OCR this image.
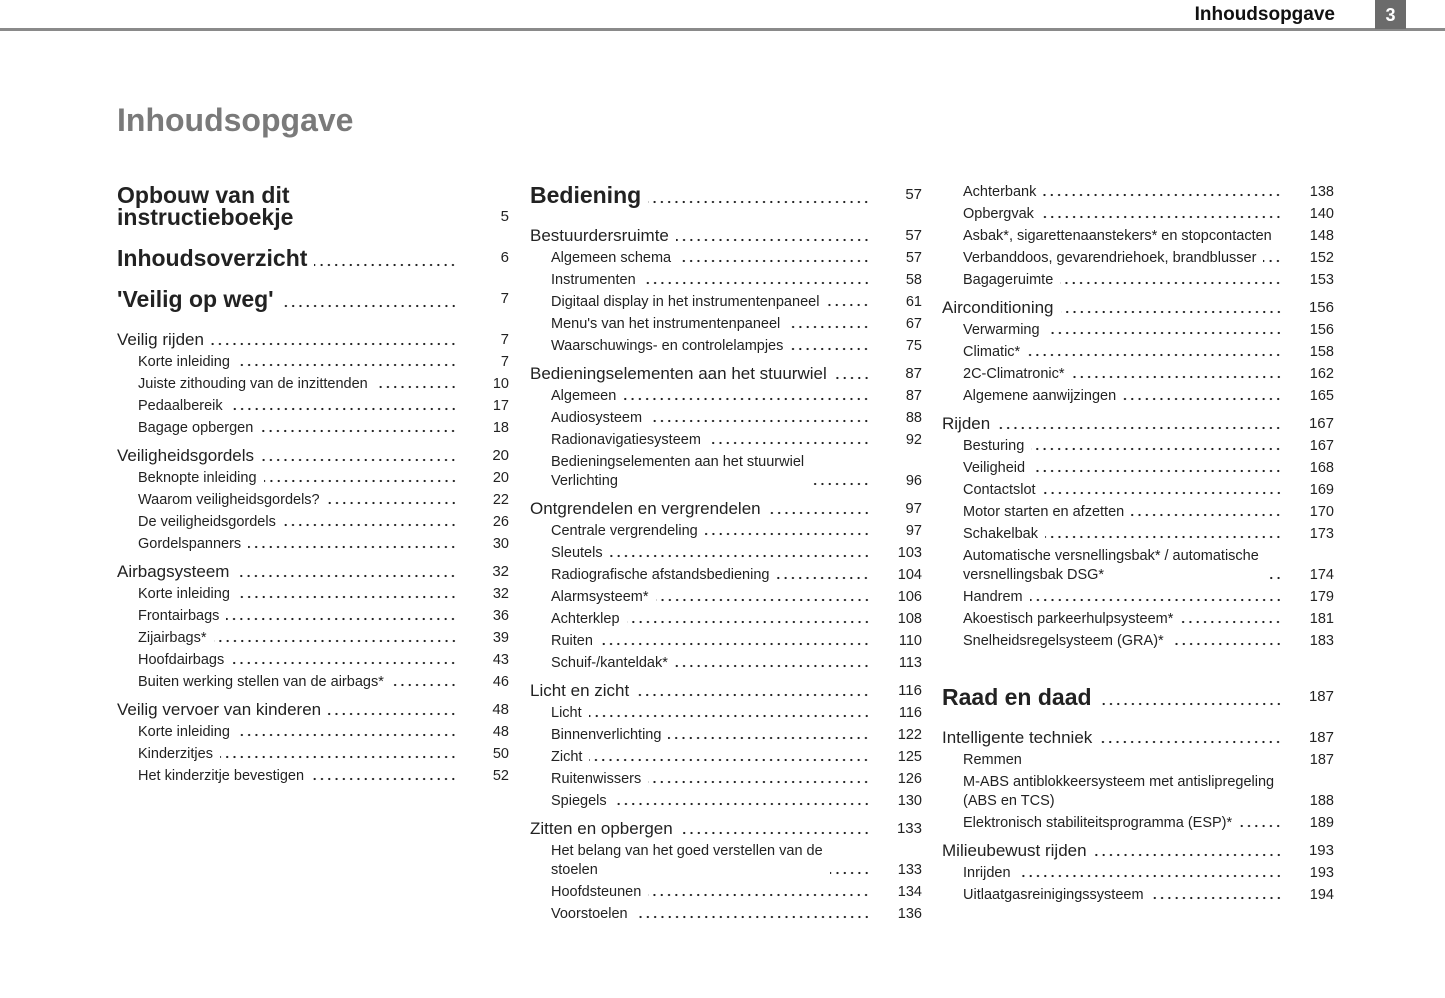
Inhoudsopgave	3
Inhoudsopgave
Opbouw van dit instructieboekje	5
Inhoudsoverzicht	6
'Veilig op weg'	7
Veilig rijden	7
Korte inleiding	7
Juiste zithouding van de inzittenden	10
Pedaalbereik	17
Bagage opbergen	18
Veiligheidsgordels	20
Beknopte inleiding	20
Waarom veiligheidsgordels?	22
De veiligheidsgordels	26
Gordelspanners	30
Airbagsysteem	32
Korte inleiding	32
Frontairbags	36
Zijairbags*	39
Hoofdairbags	43
Buiten werking stellen van de airbags*	46
Veilig vervoer van kinderen	48
Korte inleiding	48
Kinderzitjes	50
Het kinderzitje bevestigen	52
Bediening	57
Bestuurdersruimte	57
Algemeen schema	57
Instrumenten	58
Digitaal display in het instrumentenpaneel	61
Menu's van het instrumentenpaneel	67
Waarschuwings- en controlelampjes	75
Bedieningselementen aan het stuurwiel	87
Algemeen	87
Audiosysteem	88
Radionavigatiesysteem	92
Bedieningselementen aan het stuurwiel
Verlichting	96
Ontgrendelen en vergrendelen	97
Centrale vergrendeling	97
Sleutels	103
Radiografische afstandsbediening	104
Alarmsysteem*	106
Achterklep	108
Ruiten	110
Schuif-/kanteldak*	113
Licht en zicht	116
Licht	116
Binnenverlichting	122
Zicht	125
Ruitenwissers	126
Spiegels	130
Zitten en opbergen	133
Het belang van het goed verstellen van de
stoelen	133
Hoofdsteunen	134
Voorstoelen	136
Achterbank	138
Opbergvak	140
Asbak*, sigarettenaanstekers* en stopcontacten	148
Verbanddoos, gevarendriehoek, brandblusser	152
Bagageruimte	153
Airconditioning	156
Verwarming	156
Climatic*	158
2C-Climatronic*	162
Algemene aanwijzingen	165
Rijden	167
Besturing	167
Veiligheid	168
Contactslot	169
Motor starten en afzetten	170
Schakelbak	173
Automatische versnellingsbak* / automatische
versnellingsbak DSG*	174
Handrem	179
Akoestisch parkeerhulpsysteem*	181
Snelheidsregelsysteem (GRA)*	183
Raad en daad	187
Intelligente techniek	187
Remmen	187
M-ABS antiblokkeersysteem met antislipregeling
(ABS en TCS)	188
Elektronisch stabiliteitsprogramma (ESP)*	189
Milieubewust rijden	193
Inrijden	193
Uitlaatgasreinigingssysteem	194
